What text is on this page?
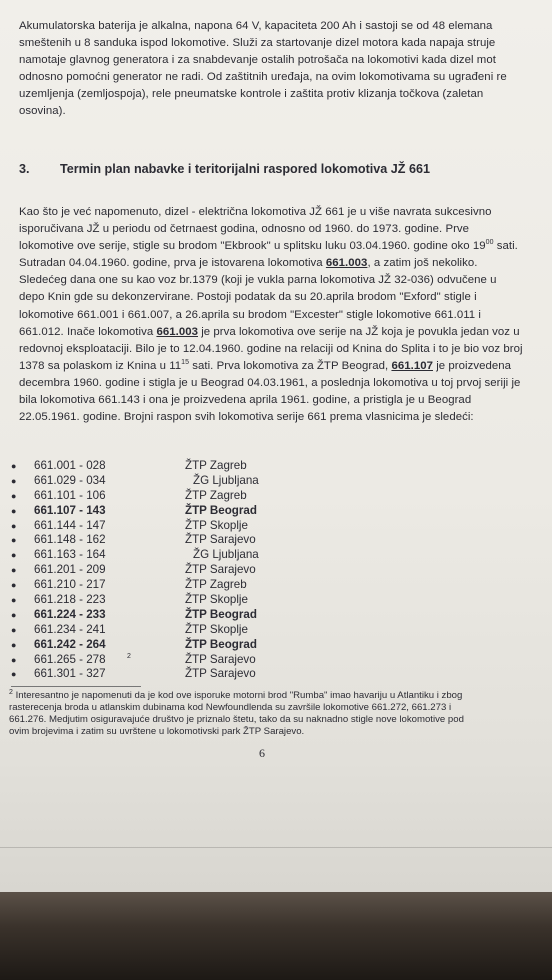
Akumulatorska baterija je alkalna, napona 64 V, kapaciteta 200 Ah i sastoji se od 48 elemana

smeštenih u 8 sanduka ispod lokomotive. Služi za startovanje dizel motora kada napaja struje

namotaje glavnog generatora i za snabdevanje ostalih potrošača na lokomotivi kada dizel mot

odnosno pomoćni generator ne radi. Od zaštitnih uređaja, na ovim lokomotivama su ugrađeni re

uzemljenja (zemljospoja), rele pneumatske kontrole i zaštita protiv klizanja točkova (zaletan

osovina).

3. Termin plan nabavke i teritorijalni raspored lokomotiva JŽ 661

Kao što je već napomenuto, dizel - električna lokomotiva JŽ 661 je u više navrata sukcesivno

isporučivana JŽ u periodu od četrnaest godina, odnosno od 1960. do 1973. godine. Prve

lokomotive ove serije, stigle su brodom "Ekbrook" u splitsku luku 03.04.1960. godine oko $19^{00}$ sati.

Sutradan 04.04.1960. godine, prva je istovarena lokomotiva 661.003, a zatim još nekoliko.

Sledećeg dana one su kao voz br.1379 (koji je vukla parna lokomotiva JŽ 32-036) odvučene u

depo Knin gde su dekonzervirane. Postoji podatak da su 20.aprila brodom "Exford" stigle i

lokomotive 661.001 i 661.007, a 26.aprila su brodom "Excester" stigle lokomotive 661.011 i

661.012. Inače lokomotiva 661.003 je prva lokomotiva ove serije na JŽ koja je povukla jedan voz u

redovnoj eksploataciji. Bilo je to 12.04.1960. godine na relaciji od Knina do Splita i to je bio voz broj

1378 sa polaskom iz Knina u $11^{15}$ sati. Prva lokomotiva za ŽTP Beograd, 661.107 je proizvedena

decembra 1960. godine i stigla je u Beograd 04.03.1961, a poslednja lokomotiva u toj prvoj seriji je

bila lokomotiva 661.143 i ona je proizvedena aprila 1961. godine, a pristigla je u Beograd

22.05.1961. godine. Brojni raspon svih lokomotiva serije 661 prema vlasnicima je sledeći:

● 661.001 - 028	ŽTP Zagreb
● 661.029 - 034	ŽG Ljubljana
● 661.101 - 106	ŽTP Zagreb
● 661.107 - 143	ŽTP Beograd
● 661.144 - 147	ŽTP Skoplje
● 661.148 - 162	ŽTP Sarajevo
● 661.163 - 164	ŽG Ljubljana
● 661.201 - 209	ŽTP Sarajevo
● 661.210 - 217	ŽTP Zagreb
● 661.218 - 223	ŽTP Skoplje
● 661.224 - 233	ŽTP Beograd
● 661.234 - 241	ŽTP Skoplje
● 661.242 - 264	ŽTP Beograd
● 661.265 - 278	2	ŽTP Sarajevo
● 661.301 - 327	ŽTP Sarajevo

$^2$ Interesantno je napomenuti da je kod ove isporuke motorni brod "Rumba" imao havariju u Atlantiku i zbog

rasterecenja broda u atlanskim dubinama kod Newfoundlenda su završile lokomotive 661.272, 661.273 i

661.276. Medjutim osiguravajuće društvo je priznalo štetu, tako da su naknadno stigle nove lokomotive pod

ovim brojevima i zatim su uvrštene u lokomotivski park ŽTP Sarajevo.

6
